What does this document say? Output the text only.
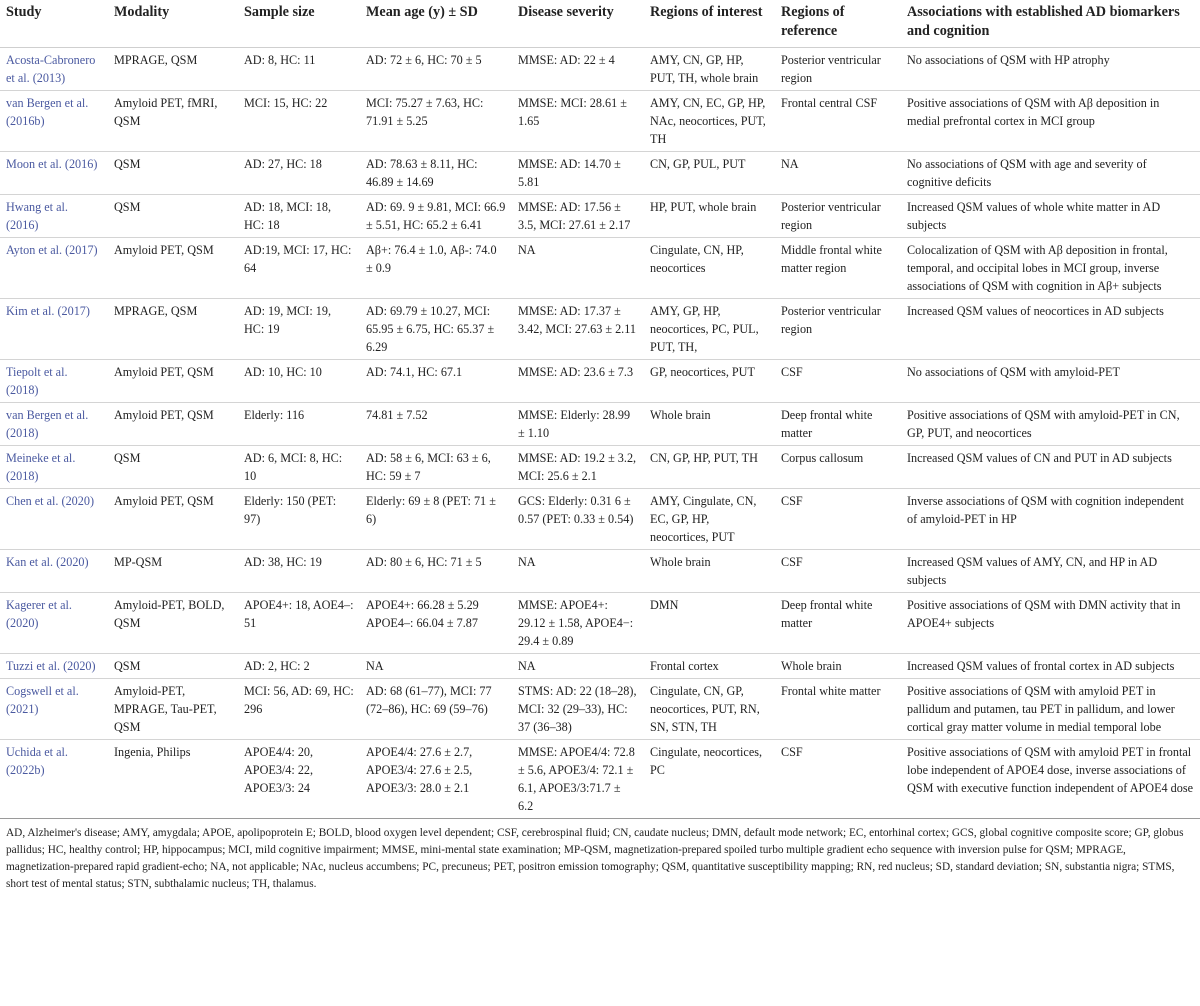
Study	Modality	Sample size	Mean age (y) ± SD	Disease severity	Regions of interest	Regions of reference	Associations with established AD biomarkers and cognition
Acosta-Cabronero et al. (2013)	MPRAGE, QSM	AD: 8, HC: 11	AD: 72 ± 6, HC: 70 ± 5	MMSE: AD: 22 ± 4	AMY, CN, GP, HP, PUT, TH, whole brain	Posterior ventricular region	No associations of QSM with HP atrophy
van Bergen et al. (2016b)	Amyloid PET, fMRI, QSM	MCI: 15, HC: 22	MCI: 75.27 ± 7.63, HC: 71.91 ± 5.25	MMSE: MCI: 28.61 ± 1.65	AMY, CN, EC, GP, HP, NAc, neocortices, PUT, TH	Frontal central CSF	Positive associations of QSM with Aβ deposition in medial prefrontal cortex in MCI group
Moon et al. (2016)	QSM	AD: 27, HC: 18	AD: 78.63 ± 8.11, HC: 46.89 ± 14.69	MMSE: AD: 14.70 ± 5.81	CN, GP, PUL, PUT	NA	No associations of QSM with age and severity of cognitive deficits
Hwang et al. (2016)	QSM	AD: 18, MCI: 18, HC: 18	AD: 69. 9 ± 9.81, MCI: 66.9 ± 5.51, HC: 65.2 ± 6.41	MMSE: AD: 17.56 ± 3.5, MCI: 27.61 ± 2.17	HP, PUT, whole brain	Posterior ventricular region	Increased QSM values of whole white matter in AD subjects
Ayton et al. (2017)	Amyloid PET, QSM	AD:19, MCI: 17, HC: 64	Aβ+: 76.4 ± 1.0, Aβ-: 74.0 ± 0.9	NA	Cingulate, CN, HP, neocortices	Middle frontal white matter region	Colocalization of QSM with Aβ deposition in frontal, temporal, and occipital lobes in MCI group, inverse associations of QSM with cognition in Aβ+ subjects
Kim et al. (2017)	MPRAGE, QSM	AD: 19, MCI: 19, HC: 19	AD: 69.79 ± 10.27, MCI: 65.95 ± 6.75, HC: 65.37 ± 6.29	MMSE: AD: 17.37 ± 3.42, MCI: 27.63 ± 2.11	AMY, GP, HP, neocortices, PC, PUL, PUT, TH,	Posterior ventricular region	Increased QSM values of neocortices in AD subjects
Tiepolt et al. (2018)	Amyloid PET, QSM	AD: 10, HC: 10	AD: 74.1, HC: 67.1	MMSE: AD: 23.6 ± 7.3	GP, neocortices, PUT	CSF	No associations of QSM with amyloid-PET
van Bergen et al. (2018)	Amyloid PET, QSM	Elderly: 116	74.81 ± 7.52	MMSE: Elderly: 28.99 ± 1.10	Whole brain	Deep frontal white matter	Positive associations of QSM with amyloid-PET in CN, GP, PUT, and neocortices
Meineke et al. (2018)	QSM	AD: 6, MCI: 8, HC: 10	AD: 58 ± 6, MCI: 63 ± 6, HC: 59 ± 7	MMSE: AD: 19.2 ± 3.2, MCI: 25.6 ± 2.1	CN, GP, HP, PUT, TH	Corpus callosum	Increased QSM values of CN and PUT in AD subjects
Chen et al. (2020)	Amyloid PET, QSM	Elderly: 150 (PET: 97)	Elderly: 69 ± 8 (PET: 71 ± 6)	GCS: Elderly: 0.31 6 ± 0.57 (PET: 0.33 ± 0.54)	AMY, Cingulate, CN, EC, GP, HP, neocortices, PUT	CSF	Inverse associations of QSM with cognition independent of amyloid-PET in HP
Kan et al. (2020)	MP-QSM	AD: 38, HC: 19	AD: 80 ± 6, HC: 71 ± 5	NA	Whole brain	CSF	Increased QSM values of AMY, CN, and HP in AD subjects
Kagerer et al. (2020)	Amyloid-PET, BOLD, QSM	APOE4+: 18, AOE4–: 51	APOE4+: 66.28 ± 5.29 APOE4–: 66.04 ± 7.87	MMSE: APOE4+: 29.12 ± 1.58, APOE4−: 29.4 ± 0.89	DMN	Deep frontal white matter	Positive associations of QSM with DMN activity that in APOE4+ subjects
Tuzzi et al. (2020)	QSM	AD: 2, HC: 2	NA	NA	Frontal cortex	Whole brain	Increased QSM values of frontal cortex in AD subjects
Cogswell et al. (2021)	Amyloid-PET, MPRAGE, Tau-PET, QSM	MCI: 56, AD: 69, HC: 296	AD: 68 (61–77), MCI: 77 (72–86), HC: 69 (59–76)	STMS: AD: 22 (18–28), MCI: 32 (29–33), HC: 37 (36–38)	Cingulate, CN, GP, neocortices, PUT, RN, SN, STN, TH	Frontal white matter	Positive associations of QSM with amyloid PET in pallidum and putamen, tau PET in pallidum, and lower cortical gray matter volume in medial temporal lobe
Uchida et al. (2022b)	Ingenia, Philips	APOE4/4: 20, APOE3/4: 22, APOE3/3: 24	APOE4/4: 27.6 ± 2.7, APOE3/4: 27.6 ± 2.5, APOE3/3: 28.0 ± 2.1	MMSE: APOE4/4: 72.8 ± 5.6, APOE3/4: 72.1 ± 6.1, APOE3/3:71.7 ± 6.2	Cingulate, neocortices, PC	CSF	Positive associations of QSM with amyloid PET in frontal lobe independent of APOE4 dose, inverse associations of QSM with executive function independent of APOE4 dose
AD, Alzheimer's disease; AMY, amygdala; APOE, apolipoprotein E; BOLD, blood oxygen level dependent; CSF, cerebrospinal fluid; CN, caudate nucleus; DMN, default mode network; EC, entorhinal cortex; GCS, global cognitive composite score; GP, globus pallidus; HC, healthy control; HP, hippocampus; MCI, mild cognitive impairment; MMSE, mini-mental state examination; MP-QSM, magnetization-prepared spoiled turbo multiple gradient echo sequence with inversion pulse for QSM; MPRAGE, magnetization-prepared rapid gradient-echo; NA, not applicable; NAc, nucleus accumbens; PC, precuneus; PET, positron emission tomography; QSM, quantitative susceptibility mapping; RN, red nucleus; SD, standard deviation; SN, substantia nigra; STMS, short test of mental status; STN, subthalamic nucleus; TH, thalamus.
